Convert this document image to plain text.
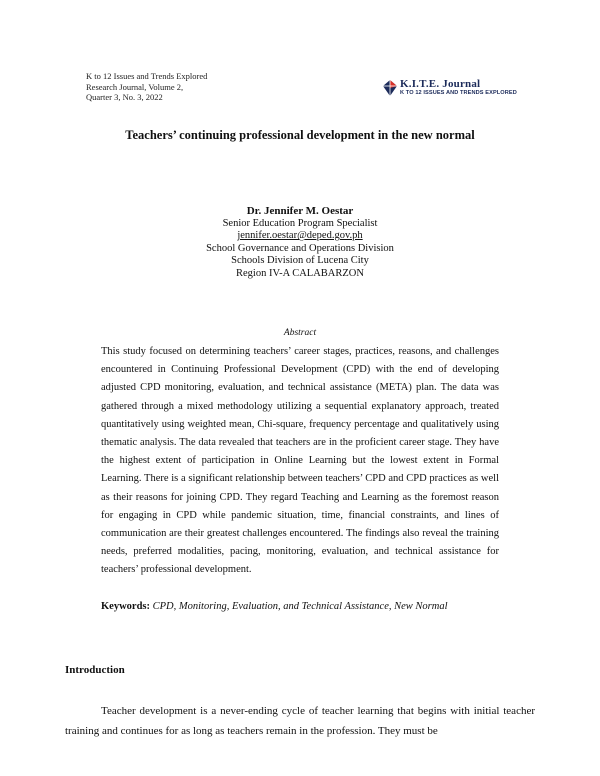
K to 12 Issues and Trends Explored
Research Journal, Volume 2,
Quarter 3, No. 3, 2022
K.I.T.E. Journal
K TO 12 ISSUES AND TRENDS EXPLORED
Teachers’ continuing professional development in the new normal
Dr. Jennifer M. Oestar
Senior Education Program Specialist
jennifer.oestar@deped.gov.ph
School Governance and Operations Division
Schools Division of Lucena City
Region IV-A CALABARZON
Abstract

This study focused on determining teachers’ career stages, practices, reasons, and challenges encountered in Continuing Professional Development (CPD) with the end of developing adjusted CPD monitoring, evaluation, and technical assistance (META) plan. The data was gathered through a mixed methodology utilizing a sequential explanatory approach, treated quantitatively using weighted mean, Chi-square, frequency percentage and qualitatively using thematic analysis. The data revealed that teachers are in the proficient career stage. They have the highest extent of participation in Online Learning but the lowest extent in Formal Learning. There is a significant relationship between teachers’ CPD and CPD practices as well as their reasons for joining CPD. They regard Teaching and Learning as the foremost reason for engaging in CPD while pandemic situation, time, financial constraints, and lines of communication are their greatest challenges encountered. The findings also reveal the training needs, preferred modalities, pacing, monitoring, evaluation, and technical assistance for teachers’ professional development.

Keywords: CPD, Monitoring, Evaluation, and Technical Assistance, New Normal
Introduction

Teacher development is a never-ending cycle of teacher learning that begins with initial teacher training and continues for as long as teachers remain in the profession. They must be
